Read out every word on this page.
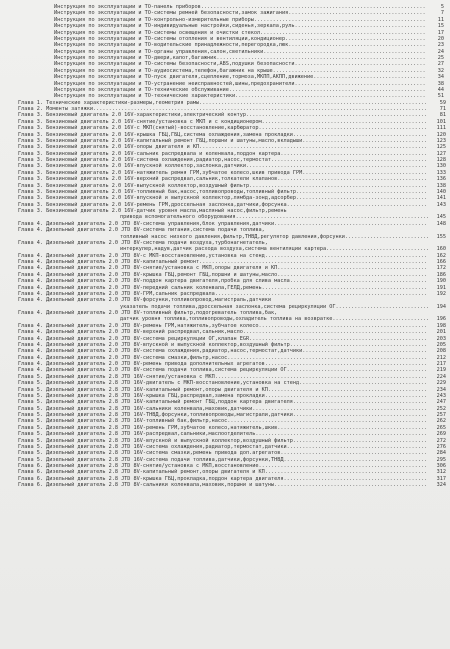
Инструкция по эксплуатации и ТО-панель приборов .....	5
Инструкция по эксплуатации и ТО-системы ремней безопасности,замок зажигания .....	7
Инструкция по эксплуатации и ТО-контрольно-измерительные приборы .....	11
Инструкция по эксплуатации и ТО-индивидуальные настройки,сиденья,зеркала,руль .....	15
Инструкция по эксплуатации и ТО-системы освещения и очистки стекол .....	17
Инструкция по эксплуатации и ТО-системы отопления и вентиляции,кондиционер .....	20
Инструкция по эксплуатации и ТО-водительские принадлежности,перегородка,люк .....	23
Инструкция по эксплуатации и ТО-органы управления,салон,светильники .....	24
Инструкция по эксплуатации и ТО-двери,капот,багажник .....	25
Инструкция по эксплуатации и ТО-системы безопасности,ABS,подушки безопасности .....	27
Инструкция по эксплуатации и ТО-аудиосистема,телефон,багажник на крыше .....	32
Инструкция по эксплуатации и ТО-пуск двигателя,сцепление,тормоза,МКПП,АКПП,движение .....	34
Инструкция по эксплуатации и ТО-устранение неисправностей,шины,предохранители .....	38
Инструкция по эксплуатации и ТО-технические обслуживание .....	44
Инструкция по эксплуатации и ТО-технические характеристики .....	51
Глава 1. Технические характеристики-размеры,геометрия рамы .....	59
Глава 2. Моменты затяжки .....	71
Глава 3. Бензиновый двигатель 2.0 16V-характеристики,электрический контур .....	81
Глава 3. Бензиновый двигатель 2.0 16V-снятие/установка с МКП и с кондиционером .....	101
Глава 3. Бензиновый двигатель 2.0 16V-с МКП(снятый)-восстановление,карбюратор .....	111
Глава 3. Бензиновый двигатель 2.0 16V-крышка ГБЦ,ГБЦ,система охлаждения,замена прокладки .....	120
Глава 3. Бензиновый двигатель 2.0 16V-капитальный ремонт ГБЦ,поршни и шатуны,масло,вкладыши .....	123
Глава 3. Бензиновый двигатель 2.0 16V-опоры двигателя и КП .....	125
Глава 3. Бензиновый двигатель 2.0 16V-сальник распредвала и коленвала,поддон картера .....	127
Глава 3. Бензиновый двигатель 2.0 16V-система охлаждения,радиатор,насос,термостат .....	128
Глава 3. Бензиновый двигатель 2.0 16V-впускной коллектор,заслонка,датчики .....	130
Глава 3. Бензиновый двигатель 2.0 16V-натяжитель ремня ГРМ,зубчатое колесо,шкив привода ГРМ .....	133
Глава 3. Бензиновый двигатель 2.0 16V-верхний распредвал,сальник,толкатели клапанов .....	136
Глава 3. Бензиновый двигатель 2.0 16V-выпускной коллектор,воздушный фильтр .....	138
Глава 3. Бензиновый двигатель 2.0 16V-топливный бак,насос,топливопроводы,топливный фильтр .....	140
Глава 3. Бензиновый двигатель 2.0 16V-впускной и выпускной коллектор,лямбда-зонд,адсорбер .....	141
Глава 3. Бензиновый двигатель 2.0 16V-ремень ГРМ,дроссельная заслонка,датчики,форсунка .....	143
Глава 3. Бензиновый двигатель 2.0 16V-датчик уровня масла,масляный насос,фильтр,ремень
привода вспомогательного оборудования .....	145
Глава 4. Дизельный двигатель 2.0 JTD 8V-система управления,блок управления,датчики .....	148
Глава 4. Дизельный двигатель 2.0 JTD 8V-система питания,система подачи топлива,
топливный насос низкого давления,фильтр,ТНВД,регулятор давления,форсунки .....	155
Глава 4. Дизельный двигатель 2.0 JTD 8V-система подачи воздуха,турбонагнетатель,
интеркулер,надув,датчик расхода воздуха,система вентиляции картера .....	160
Глава 4. Дизельный двигатель 2.0 JTD 8V-с МКП-восстановление,установка на стенд .....	162
Глава 4. Дизельный двигатель 2.0 JTD 8V-капитальный ремонт .....	166
Глава 4. Дизельный двигатель 2.0 JTD 8V-снятие/установка с МКП,опоры двигателя и КП .....	172
Глава 4. Дизельный двигатель 2.0 JTD 8V-крышка ГБЦ,ремонт ГБЦ,поршни и шатуны,масло .....	186
Глава 4. Дизельный двигатель 2.0 JTD 8V-поддон картера двигателя,пробка для слива масла .....	190
Глава 4. Дизельный двигатель 2.0 JTD 8V-передний сальник коленвала,ГЕЛД,ремень .....	191
Глава 4. Дизельный двигатель 2.0 JTD 8V-ГРМ,сальник распредвала .....	192
Глава 4. Дизельный двигатель 2.0 JTD 8V-форсунки,топливопровод,магистраль,датчики
указатель подачи топлива,дроссельная заслонка,система рециркуляции ОГ .....	194
Глава 4. Дизельный двигатель 2.0 JTD 8V-топливный фильтр,подогреватель топлива,бак,
датчик уровня топлива,топливопроводы,охладитель топлива на возвратке .....	196
Глава 4. Дизельный двигатель 2.0 JTD 8V-ремень ГРМ,натяжитель,зубчатое колесо .....	198
Глава 4. Дизельный двигатель 2.0 JTD 8V-верхний распредвал,сальник,масло .....	201
Глава 4. Дизельный двигатель 2.0 JTD 8V-система рециркуляции ОГ,клапан EGR .....	203
Глава 4. Дизельный двигатель 2.0 JTD 8V-впускной и выпускной коллектор,воздушный фильтр .....	205
Глава 4. Дизельный двигатель 2.0 JTD 8V-система охлаждения,радиатор,насос,термостат,датчики .....	208
Глава 4. Дизельный двигатель 2.0 JTD 8V-система смазки,фильтр,насос .....	212
Глава 4. Дизельный двигатель 2.0 JTD 8V-ремень привода дополнительных агрегатов .....	217
Глава 4. Дизельный двигатель 2.0 JTD 8V-система подачи топлива,система рециркуляции ОГ .....	219
Глава 5. Дизельный двигатель 2.8 JTD 16V-снятие/установка с МКП .....	224
Глава 5. Дизельный двигатель 2.8 JTD 16V-двигатель с МКП-восстановление,установка на стенд .....	229
Глава 5. Дизельный двигатель 2.8 JTD 16V-капитальный ремонт,опоры двигателя и КП .....	234
Глава 5. Дизельный двигатель 2.8 JTD 16V-крышка ГБЦ,распредвал,замена прокладки .....	243
Глава 5. Дизельный двигатель 2.8 JTD 16V-капитальный ремонт ГБЦ,поддон картера двигателя .....	247
Глава 5. Дизельный двигатель 2.8 JTD 16V-сальники коленвала,маховик,датчики .....	252
Глава 5. Дизельный двигатель 2.8 JTD 16V-ТНВД,форсунки,топливопроводы,магистрали,датчики .....	257
Глава 5. Дизельный двигатель 2.8 JTD 16V-топливный бак,фильтр,насос .....	262
Глава 5. Дизельный двигатель 2.8 JTD 16V-ремень ГРМ,зубчатое колесо,натяжитель,шкив .....	265
Глава 5. Дизельный двигатель 2.8 JTD 16V-распредвал,сальники,маслоотделитель .....	269
Глава 5. Дизельный двигатель 2.8 JTD 16V-впускной и выпускной коллектор,воздушный фильтр .....	272
Глава 5. Дизельный двигатель 2.8 JTD 16V-система охлаждения,радиатор,термостат,датчики .....	276
Глава 5. Дизельный двигатель 2.8 JTD 16V-система смазки,ремень привода доп.агрегатов .....	284
Глава 5. Дизельный двигатель 2.8 JTD 16V-система подачи топлива,датчики,форсунки,ТНВД .....	295
Глава 6. Дизельный двигатель 2.8 JTD 8V-снятие/установка с МКП,восстановление .....	306
Глава 6. Дизельный двигатель 2.8 JTD 8V-капитальный ремонт,опоры двигателя и КП .....	312
Глава 6. Дизельный двигатель 2.8 JTD 8V-крышка ГБЦ,прокладка,поддон картера двигателя .....	317
Глава 6. Дизельный двигатель 2.8 JTD 8V-сальники коленвала,маховик,поршни и шатуны .....	324
